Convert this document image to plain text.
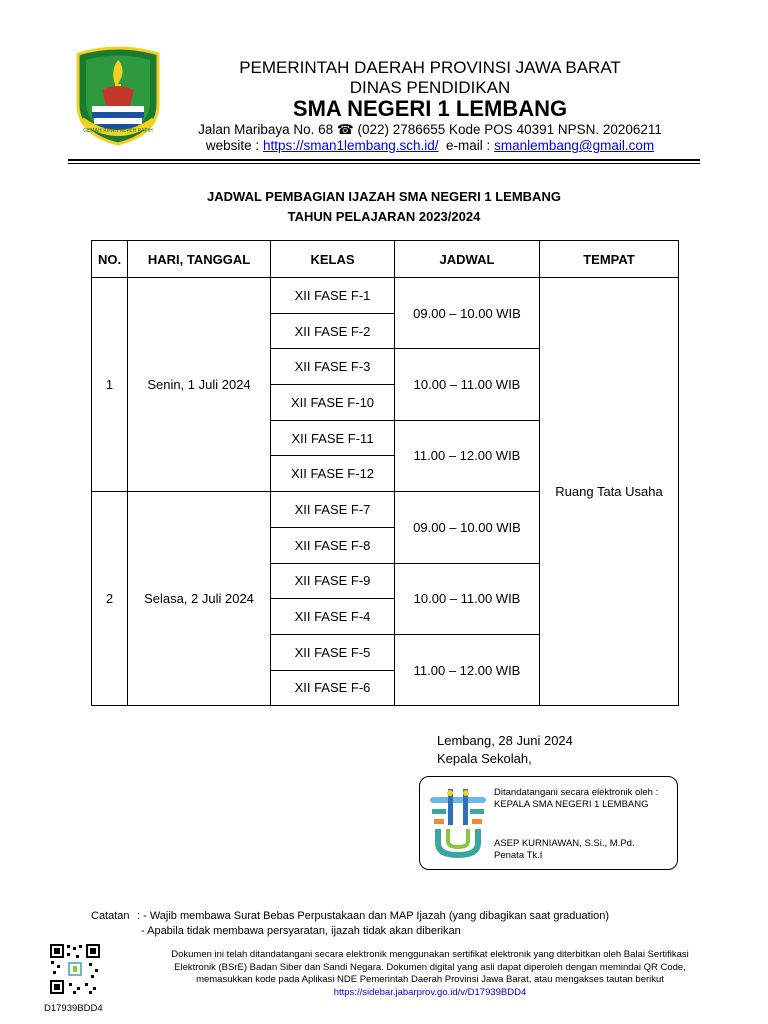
GEMAH RIPAH REPEH RAPIH
PEMERINTAH DAERAH PROVINSI JAWA BARAT
DINAS PENDIDIKAN
SMA NEGERI 1 LEMBANG
Jalan Maribaya No. 68 ☎ (022) 2786655 Kode POS 40391 NPSN. 20206211
website : https://sman1lembang.sch.id/ e-mail : smanlembang@gmail.com
JADWAL PEMBAGIAN IJAZAH SMA NEGERI 1 LEMBANG
TAHUN PELAJARAN 2023/2024
NO.	HARI, TANGGAL	KELAS	JADWAL	TEMPAT
1	Senin, 1 Juli 2024	XII FASE F-1	09.00 – 10.00 WIB	Ruang Tata Usaha
		XII FASE F-2		
		XII FASE F-3	10.00 – 11.00 WIB	
		XII FASE F-10		
		XII FASE F-11	11.00 – 12.00 WIB	
		XII FASE F-12		
2	Selasa, 2 Juli 2024	XII FASE F-7	09.00 – 10.00 WIB	
		XII FASE F-8		
		XII FASE F-9	10.00 – 11.00 WIB	
		XII FASE F-4		
		XII FASE F-5	11.00 – 12.00 WIB	
		XII FASE F-6		
Lembang, 28 Juni 2024
Kepala Sekolah,
Ditandatangani secara elektronik oleh :
KEPALA SMA NEGERI 1 LEMBANG
ASEP KURNIAWAN, S.Si., M.Pd.
Penata Tk.I
Catatan : - Wajib membawa Surat Bebas Perpustakaan dan MAP Ijazah (yang dibagikan saat graduation)
- Apabila tidak membawa persyaratan, ijazah tidak akan diberikan
D17939BDD4
Dokumen ini telah ditandatangani secara elektronik menggunakan sertifikat elektronik yang diterbitkan oleh Balai Sertifikasi
Elektronik (BSrE) Badan Siber dan Sandi Negara. Dokumen digital yang asli dapat diperoleh dengan memindai QR Code,
memasukkan kode pada Aplikasi NDE Pemerintah Daerah Provinsi Jawa Barat, atau mengakses tautan berikut
https://sidebar.jabarprov.go.id/v/D17939BDD4
